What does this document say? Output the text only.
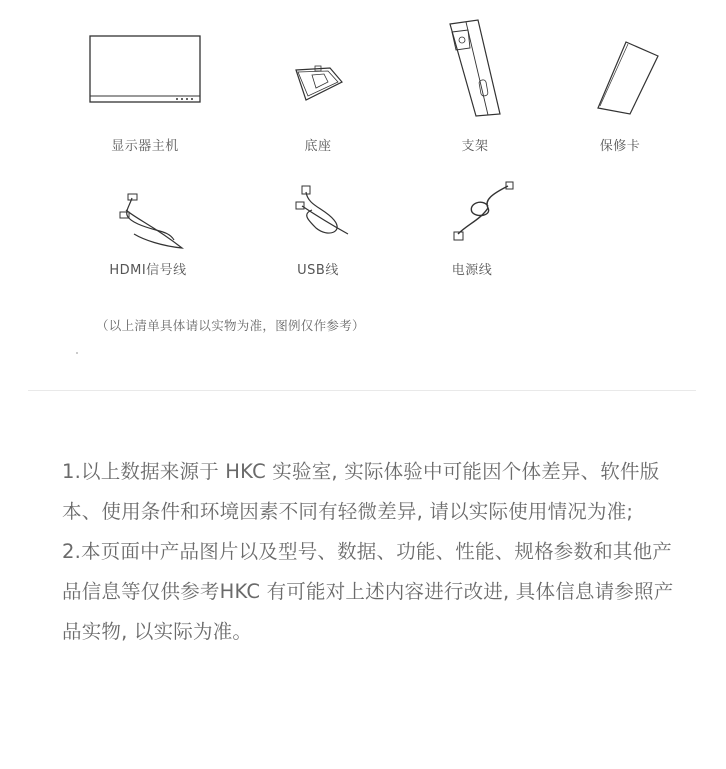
显示器主机	底座	支架	保修卡
HDMI信号线	USB线	电源线
（以上清单具体请以实物为准，图例仅作参考）

1.以上数据来源于 HKC 实验室, 实际体验中可能因个体差异、软件版本、使用条件和环境因素不同有轻微差异, 请以实际使用情况为准;

2.本页面中产品图片以及型号、数据、功能、性能、规格参数和其他产品信息等仅供参考HKC 有可能对上述内容进行改进, 具体信息请参照产品实物, 以实际为准。
